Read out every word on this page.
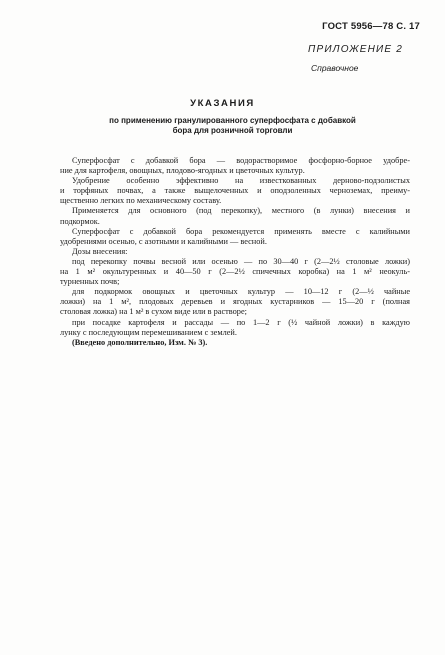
ГОСТ 5956—78 С. 17
ПРИЛОЖЕНИЕ 2
Справочное
УКАЗАНИЯ
по применению гранулированного суперфосфата с добавкой
бора для розничной торговли
Суперфосфат с добавкой бора — водорастворимое фосфорно-борное удобре-
ние для картофеля, овощных, плодово-ягодных и цветочных культур.
Удобрение особенно эффективно на известкованных дерново-подзолистых
и торфяных почвах, а также выщелоченных и оподзоленных черноземах, преиму-
щественно легких по механическому составу.
Применяется для основного (под перекопку), местного (в лунки) внесения и
подкормок.
Суперфосфат с добавкой бора рекомендуется применять вместе с калийными
удобрениями осенью, с азотными и калийными — весной.
Дозы внесения:
под перекопку почвы весной или осенью — по 30—40 г (2—2½ столовые ложки)
на 1 м² окультуренных и 40—50 г (2—2½ спичечных коробка) на 1 м² неокуль-
турненных почв;
для подкормок овощных и цветочных культур — 10—12 г (2—½ чайные
ложки) на 1 м², плодовых деревьев и ягодных кустарников — 15—20 г (полная
столовая ложка) на 1 м² в сухом виде или в растворе;
при посадке картофеля и рассады — по 1—2 г (½ чайной ложки) в каждую
лунку с последующим перемешиванием с землей.
(Введено дополнительно, Изм. № 3).
